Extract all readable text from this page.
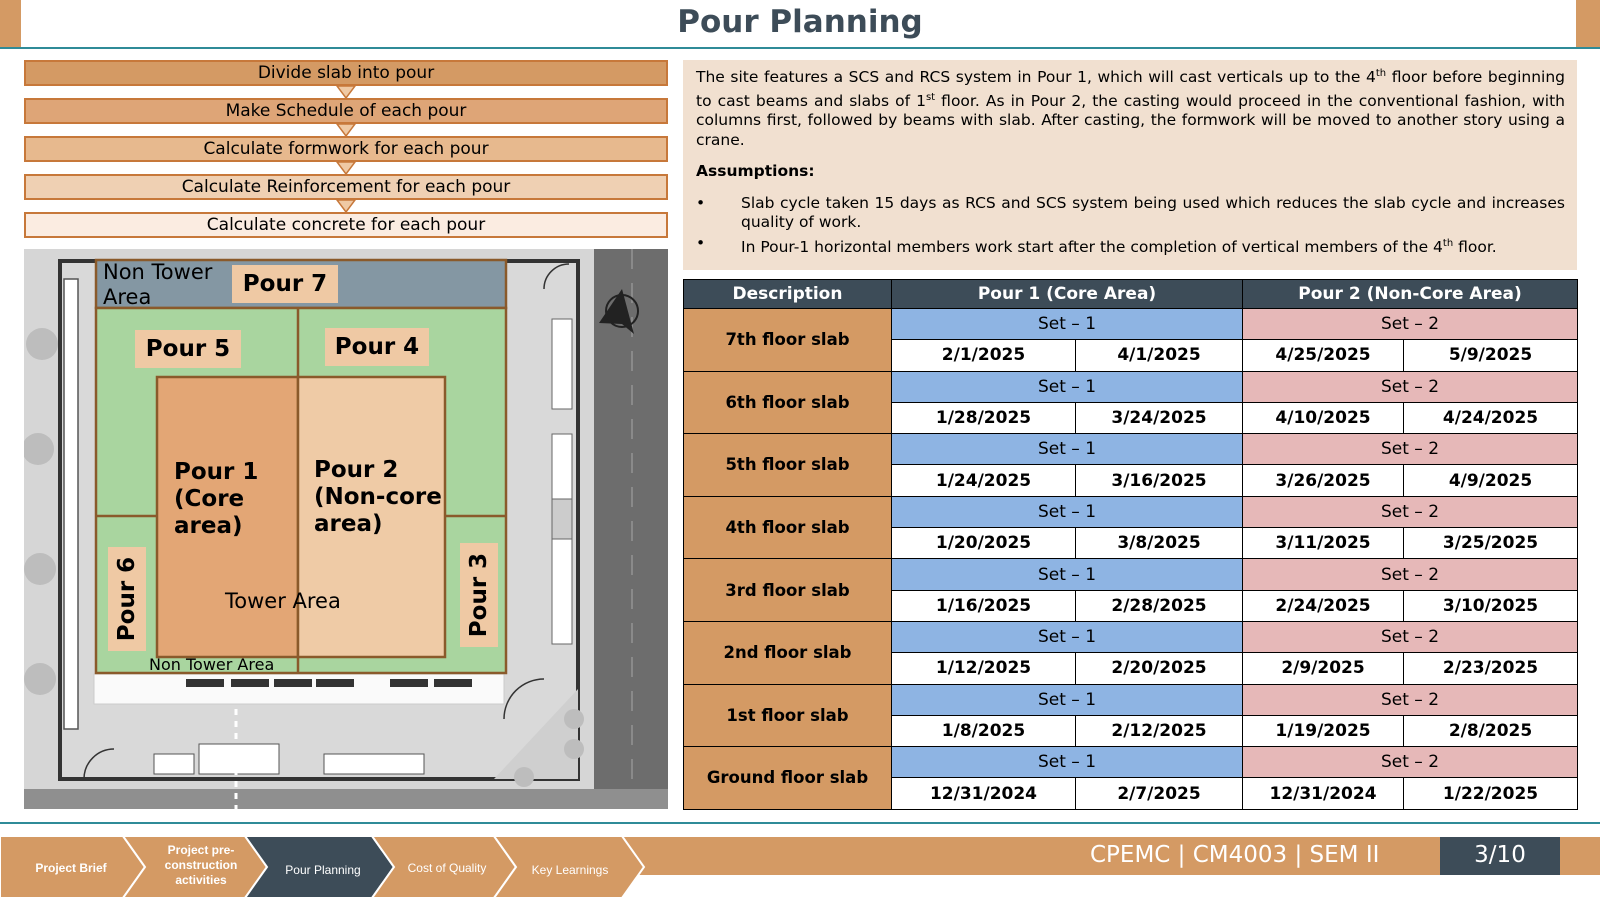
Pour Planning
Divide slab into pour
Make Schedule of each pour
Calculate formwork for each pour
Calculate Reinforcement for each pour
Calculate concrete for each pour
Non Tower Area	Pour 7
Pour 5	Pour 4
Pour 1 (Core area)
Pour 2 (Non-core area)
Pour 6	Pour 3
Tower Area
Non Tower Area

The site features a SCS and RCS system in Pour 1, which will cast verticals up to the 4th floor before beginning to cast beams and slabs of 1st floor. As in Pour 2, the casting would proceed in the conventional fashion, with columns first, followed by beams with slab. After casting, the formwork will be moved to another story using a crane.

Assumptions:
• Slab cycle taken 15 days as RCS and SCS system being used which reduces the slab cycle and increases quality of work.
• In Pour-1 horizontal members work start after the completion of vertical members of the 4th floor.
Description	Pour 1 (Core Area)		Pour 2 (Non-Core Area)	
7th floor slab	Set – 1		Set – 2	
	2/1/2025	4/1/2025	4/25/2025	5/9/2025
6th floor slab	Set – 1		Set – 2	
	1/28/2025	3/24/2025	4/10/2025	4/24/2025
5th floor slab	Set – 1		Set – 2	
	1/24/2025	3/16/2025	3/26/2025	4/9/2025
4th floor slab	Set – 1		Set – 2	
	1/20/2025	3/8/2025	3/11/2025	3/25/2025
3rd floor slab	Set – 1		Set – 2	
	1/16/2025	2/28/2025	2/24/2025	3/10/2025
2nd floor slab	Set – 1		Set – 2	
	1/12/2025	2/20/2025	2/9/2025	2/23/2025
1st floor slab	Set – 1		Set – 2	
	1/8/2025	2/12/2025	1/19/2025	2/8/2025
Ground floor slab	Set – 1		Set – 2	
	12/31/2024	2/7/2025	12/31/2024	1/22/2025
Project Brief
Project pre-
construction
activities
Pour Planning	Cost of Quality	Key Learnings
CPEMC | CM4003 | SEM II	3/10
